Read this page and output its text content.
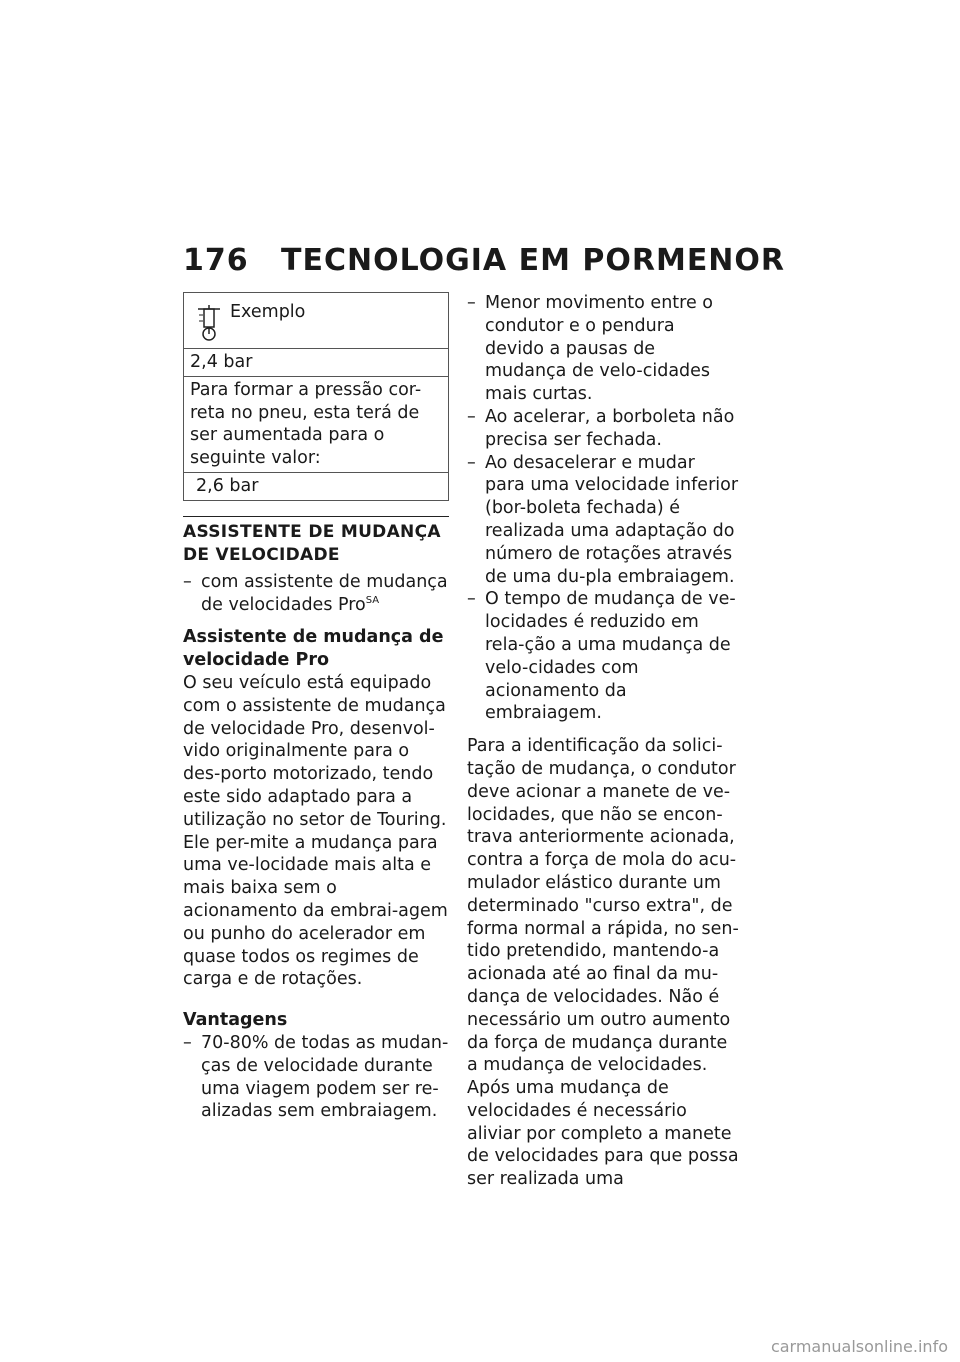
176 TECNOLOGIA EM PORMENOR
Exemplo
2,4 bar
Para formar a pressão cor-reta no pneu, esta terá de ser aumentada para o seguinte valor:
2,6 bar
ASSISTENTE DE MUDANÇA
DE VELOCIDADE
– com assistente de mudança de velocidades Pro$^{SA}$
Assistente de mudança de velocidade Pro

O seu veículo está equipado com o assistente de mudança de velocidade Pro, desenvol-vido originalmente para o des-porto motorizado, tendo este sido adaptado para a utilização no setor de Touring. Ele per-mite a mudança para uma ve-locidade mais alta e mais baixa sem o acionamento da embrai-agem ou punho do acelerador em quase todos os regimes de carga e de rotações.

Vantagens
– 70-80% de todas as mudan-ças de velocidade durante uma viagem podem ser re-alizadas sem embraiagem.
– Menor movimento entre o condutor e o pendura devido a pausas de mudança de velo-cidades mais curtas.
– Ao acelerar, a borboleta não precisa ser fechada.
– Ao desacelerar e mudar para uma velocidade inferior (bor-boleta fechada) é realizada uma adaptação do número de rotações através de uma du-pla embraiagem.
– O tempo de mudança de ve-locidades é reduzido em rela-ção a uma mudança de velo-cidades com acionamento da embraiagem.

Para a identificação da solici-tação de mudança, o condutor deve acionar a manete de ve-locidades, que não se encon-trava anteriormente acionada, contra a força de mola do acu-mulador elástico durante um determinado "curso extra", de forma normal a rápida, no sen-tido pretendido, mantendo-a acionada até ao final da mu-dança de velocidades. Não é necessário um outro aumento da força de mudança durante a mudança de velocidades. Após uma mudança de velocidades é necessário aliviar por completo a manete de velocidades para que possa ser realizada uma

carmanualsonline.info
